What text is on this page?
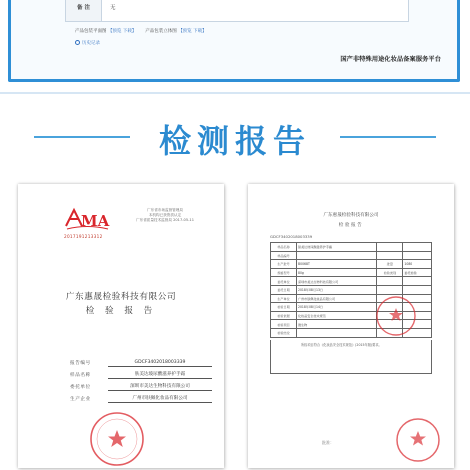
备 注	无
产品包装平面图 【预览 下载】 产品包装立体图 【预览 下载】
历史记录
国产非特殊用途化妆品备案服务平台
检测报告
MA
2017191213312
广东省市场监督管理局
本机构已获资质认定
广东省质量技术监督局 2017-05-11
广东惠晟检验科技有限公司
检 验 报 告
报告编号	GDCF3402018003339
样品名称	肤美达玻尿酸滋养护手霜
委托单位	深圳市美达生物科技有限公司
生产企业	广州市肤佩化妆品有限公司
广东惠晟检验科技有限公司
检验报告
GDCF3402018003339
样品名称	肤美达玻尿酸滋养护手霜		
样品编号			
生产批号	B0068T	批量	1080
规格型号	80g	检验类别	委托检验
委托单位	深圳市美达生物科技有限公司		
委托日期	2018年08月13日		
生产单位	广州市肤佩化妆品有限公司		
检验日期	2018年08月14日		
检验依据	化妆品安全技术规范		
检验项目	微生物		
检验结论			
所检项目符合《化妆品安全技术规范》(2015年版)要求。
批准：
